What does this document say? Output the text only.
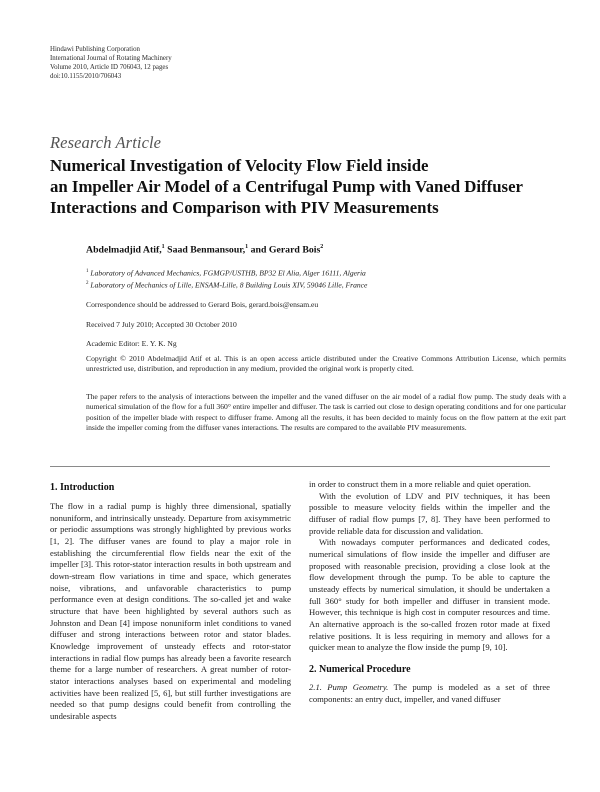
Hindawi Publishing Corporation
International Journal of Rotating Machinery
Volume 2010, Article ID 706043, 12 pages
doi:10.1155/2010/706043
Research Article
Numerical Investigation of Velocity Flow Field inside
an Impeller Air Model of a Centrifugal Pump with Vaned Diffuser
Interactions and Comparison with PIV Measurements
Abdelmadjid Atif,$^1$ Saad Benmansour,$^1$ and Gerard Bois$^2$
$^1$ Laboratory of Advanced Mechanics, FGMGP/USTHB, BP32 El Alia, Alger 16111, Algeria
$^2$ Laboratory of Mechanics of Lille, ENSAM-Lille, 8 Building Louis XIV, 59046 Lille, France
Correspondence should be addressed to Gerard Bois, gerard.bois@ensam.eu
Received 7 July 2010; Accepted 30 October 2010
Academic Editor: E. Y. K. Ng
Copyright © 2010 Abdelmadjid Atif et al. This is an open access article distributed under the Creative Commons Attribution License, which permits unrestricted use, distribution, and reproduction in any medium, provided the original work is properly cited.
The paper refers to the analysis of interactions between the impeller and the vaned diffuser on the air model of a radial flow pump. The study deals with a numerical simulation of the flow for a full 360° entire impeller and diffuser. The task is carried out close to design operating conditions and for one particular position of the impeller blade with respect to diffuser frame. Among all the results, it has been decided to mainly focus on the flow pattern at the exit part inside the impeller coming from the diffuser vanes interactions. The results are compared to the available PIV measurements.
1. Introduction

The flow in a radial pump is highly three dimensional, spatially nonuniform, and intrinsically unsteady. Departure from axisymmetric or periodic assumptions was strongly highlighted by previous works [1, 2]. The diffuser vanes are found to play a major role in establishing the circumferential flow fields near the exit of the impeller [3]. This rotor-stator interaction results in both upstream and down-stream flow variations in time and space, which generates noise, vibrations, and unfavorable characteristics to pump performance even at design conditions. The so-called jet and wake structure that have been highlighted by several authors such as Johnston and Dean [4] impose nonuniform inlet conditions to vaned diffuser and strong interactions between rotor and stator blades. Knowledge improvement of unsteady effects and rotor-stator interactions in radial flow pumps has already been a favorite research theme for a large number of researchers. A great number of rotor-stator interactions analyses based on experimental and modeling activities have been realized [5, 6], but still further investigations are needed so that pump designs could benefit from controlling the undesirable aspects

in order to construct them in a more reliable and quiet operation.

With the evolution of LDV and PIV techniques, it has been possible to measure velocity fields within the impeller and the diffuser of radial flow pumps [7, 8]. They have been performed to provide reliable data for discussion and validation.

With nowadays computer performances and dedicated codes, numerical simulations of flow inside the impeller and diffuser are proposed with reasonable precision, providing a close look at the flow development through the pump. To be able to capture the unsteady effects by numerical simulation, it should be undertaken a full 360° study for both impeller and diffuser in transient mode. However, this technique is high cost in computer resources and time. An alternative approach is the so-called frozen rotor made at fixed relative positions. It is less requiring in memory and allows for a quicker mean to analyze the flow inside the pump [9, 10].

2. Numerical Procedure

2.1. Pump Geometry. The pump is modeled as a set of three components: an entry duct, impeller, and vaned diffuser
